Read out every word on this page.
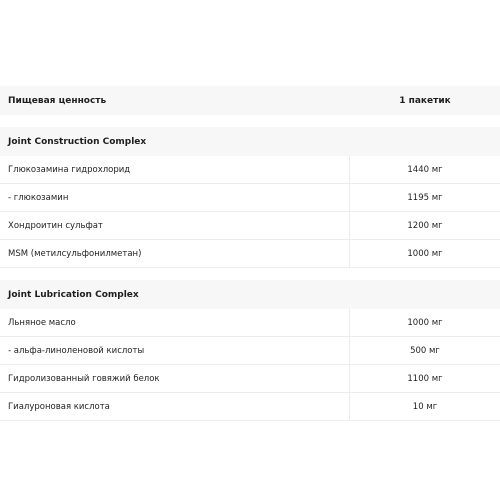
Пищевая ценность	1 пакетик
Joint Construction Complex
Глюкозамина гидрохлорид	1440 мг
- глюкозамин	1195 мг
Хондроитин сульфат	1200 мг
MSM (метилсульфонилметан)	1000 мг
Joint Lubrication Complex
Льняное масло	1000 мг
- альфа-линоленовой кислоты	500 мг
Гидролизованный говяжий белок	1100 мг
Гиалуроновая кислота	10 мг
